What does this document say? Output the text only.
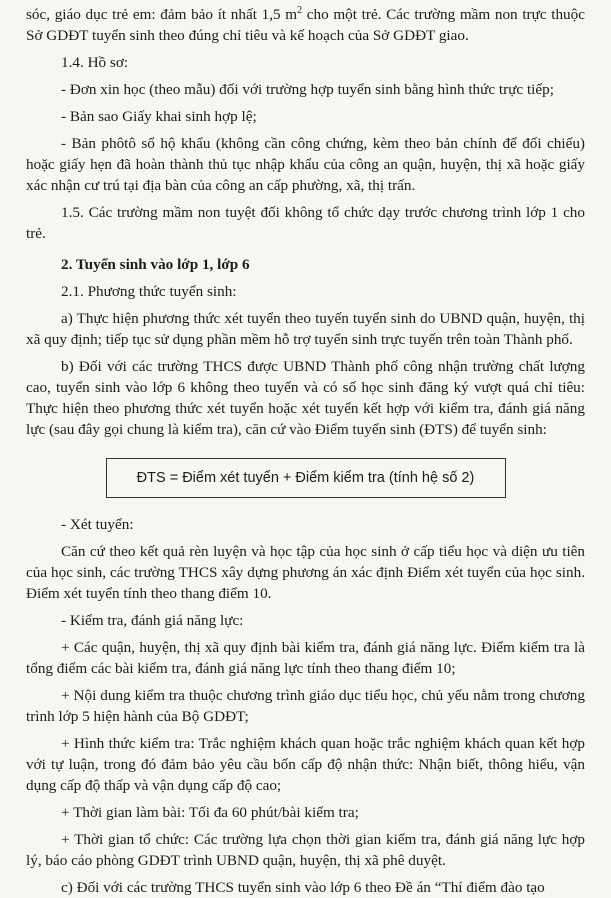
sóc, giáo dục trẻ em: đảm bảo ít nhất 1,5 $m^2$ cho một trẻ. Các trường mầm non trực thuộc Sở GDĐT tuyển sinh theo đúng chỉ tiêu và kế hoạch của Sở GDĐT giao.

1.4. Hồ sơ:

- Đơn xin học (theo mẫu) đối với trường hợp tuyển sinh bằng hình thức trực tiếp;

- Bản sao Giấy khai sinh hợp lệ;

- Bản phôtô sổ hộ khẩu (không cần công chứng, kèm theo bản chính để đối chiếu) hoặc giấy hẹn đã hoàn thành thủ tục nhập khẩu của công an quận, huyện, thị xã hoặc giấy xác nhận cư trú tại địa bàn của công an cấp phường, xã, thị trấn.

1.5. Các trường mầm non tuyệt đối không tổ chức dạy trước chương trình lớp 1 cho trẻ.

2. Tuyển sinh vào lớp 1, lớp 6

2.1. Phương thức tuyển sinh:

a) Thực hiện phương thức xét tuyển theo tuyến tuyển sinh do UBND quận, huyện, thị xã quy định; tiếp tục sử dụng phần mềm hỗ trợ tuyển sinh trực tuyến trên toàn Thành phố.

b) Đối với các trường THCS được UBND Thành phố công nhận trường chất lượng cao, tuyển sinh vào lớp 6 không theo tuyến và có số học sinh đăng ký vượt quá chỉ tiêu: Thực hiện theo phương thức xét tuyển hoặc xét tuyển kết hợp với kiểm tra, đánh giá năng lực (sau đây gọi chung là kiểm tra), căn cứ vào Điểm tuyển sinh (ĐTS) để tuyển sinh:

ĐTS = Điểm xét tuyển + Điểm kiểm tra (tính hệ số 2)

- Xét tuyển:

Căn cứ theo kết quả rèn luyện và học tập của học sinh ở cấp tiểu học và diện ưu tiên của học sinh, các trường THCS xây dựng phương án xác định Điểm xét tuyển của học sinh. Điểm xét tuyển tính theo thang điểm 10.

- Kiểm tra, đánh giá năng lực:

+ Các quận, huyện, thị xã quy định bài kiểm tra, đánh giá năng lực. Điểm kiểm tra là tổng điểm các bài kiểm tra, đánh giá năng lực tính theo thang điểm 10;

+ Nội dung kiểm tra thuộc chương trình giáo dục tiểu học, chủ yếu nằm trong chương trình lớp 5 hiện hành của Bộ GDĐT;

+ Hình thức kiểm tra: Trắc nghiệm khách quan hoặc trắc nghiệm khách quan kết hợp với tự luận, trong đó đảm bảo yêu cầu bốn cấp độ nhận thức: Nhận biết, thông hiểu, vận dụng cấp độ thấp và vận dụng cấp độ cao;

+ Thời gian làm bài: Tối đa 60 phút/bài kiểm tra;

+ Thời gian tổ chức: Các trường lựa chọn thời gian kiểm tra, đánh giá năng lực hợp lý, báo cáo phòng GDĐT trình UBND quận, huyện, thị xã phê duyệt.

c) Đối với các trường THCS tuyển sinh vào lớp 6 theo Đề án “Thí điểm đào tạo
